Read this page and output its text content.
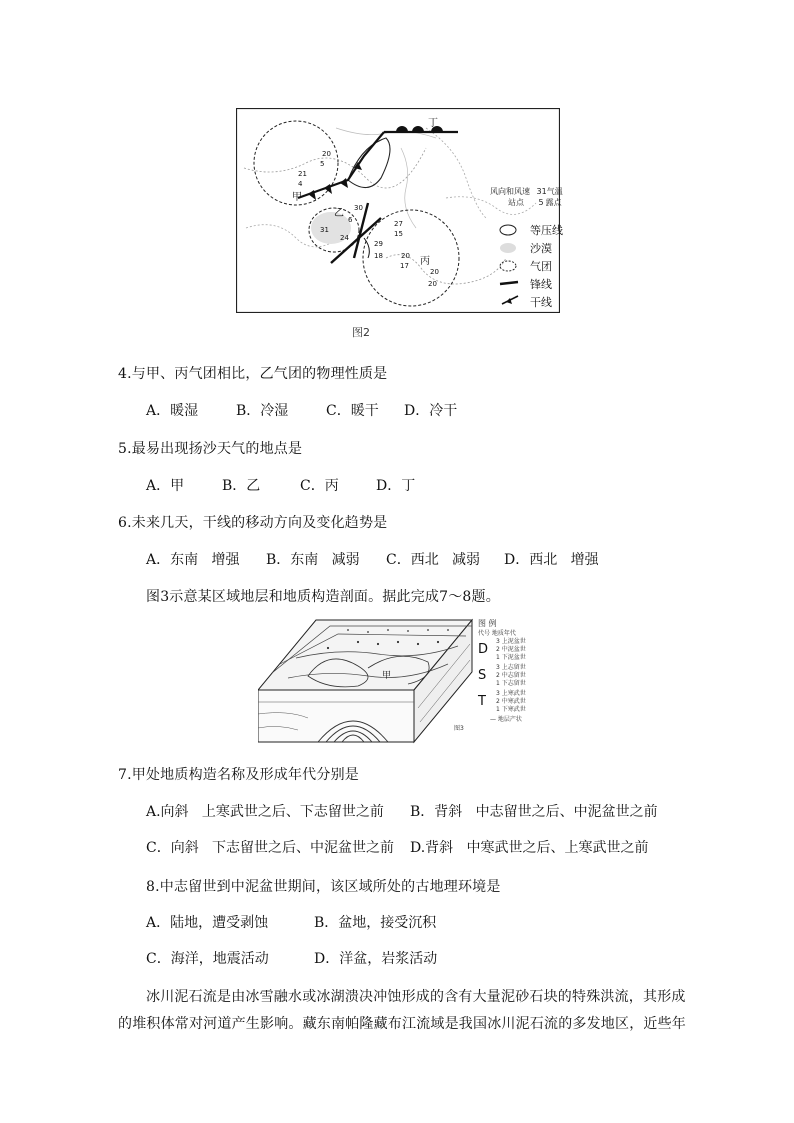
20
5
21
4
30
6
31
24
27
15
29
18	20
17
20
20
丁
甲
乙
丙
图2
风向和风速 31气温
站点 5 露点
等压线
沙漠
气团
锋线
干线
4.与甲、丙气团相比，乙气团的物理性质是
A．暖湿	B．冷湿	C．暖干 D．冷干
5.最易出现扬沙天气的地点是
A．甲	B．乙	C．丙	D．丁
6.未来几天，干线的移动方向及变化趋势是
A．东南   增强 B．东南   减弱 C．西北   减弱 D．西北   增强
图3示意某区域地层和地质构造剖面。据此完成7～8题。
甲
图3
图 例
代号 地质年代
D
3 上泥盆世
2 中泥盆世
1 下泥盆世
S
3 上志留世
2 中志留世
1 下志留世
T
3 上寒武世
2 中寒武世
1 下寒武世
— 地层产状
7.甲处地质构造名称及形成年代分别是
A.向斜   上寒武世之后、下志留世之前 B．背斜   中志留世之后、中泥盆世之前
C．向斜   下志留世之后、中泥盆世之前 D.背斜   中寒武世之后、上寒武世之前
8.中志留世到中泥盆世期间，该区域所处的古地理环境是
A．陆地，遭受剥蚀	B．盆地，接受沉积
C．海洋，地震活动	D．洋盆，岩浆活动
冰川泥石流是由冰雪融水或冰湖溃决冲蚀形成的含有大量泥砂石块的特殊洪流，其形成
的堆积体常对河道产生影响。藏东南帕隆藏布江流域是我国冰川泥石流的多发地区，近些年
